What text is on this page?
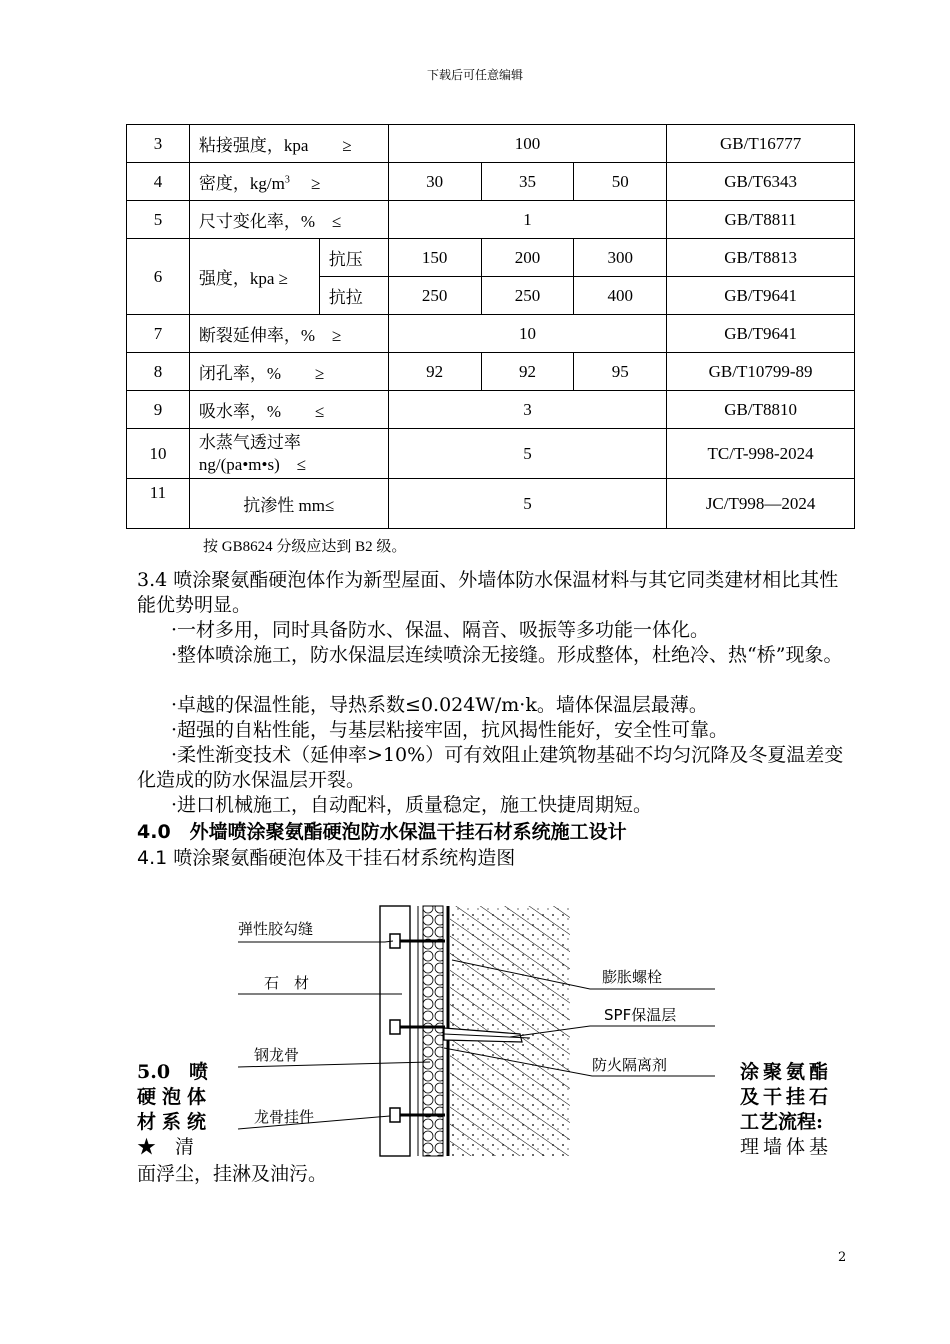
下载后可任意编辑
3	粘接强度，kpa　　≥		100			GB/T16777
4	密度，$kg/m^3$　 ≥		30	35	50	GB/T6343
5	尺寸变化率，%　≤		1			GB/T8811
6	强度，kpa ≥	抗压	150	200	300	GB/T8813
		抗拉	250	250	400	GB/T9641
7	断裂延伸率，%　≥		10			GB/T9641
8	闭孔率，%　　≥		92	92	95	GB/T10799-89
9	吸水率，%　　≤		3			GB/T8810
10	水蒸气透过率
ng/(pa•m•s)　≤		5			TC/T-998-2024
11	抗渗性 mm≤		5			JC/T998—2024
按 GB8624 分级应达到 B2 级。

3.4 喷涂聚氨酯硬泡体作为新型屋面、外墙体防水保温材料与其它同类建材相比其性能优势明显。

·一材多用，同时具备防水、保温、隔音、吸振等多功能一体化。

·整体喷涂施工，防水保温层连续喷涂无接缝。形成整体，杜绝冷、热“桥”现象。

·卓越的保温性能，导热系数≤0.024W/m·k。墙体保温层最薄。

·超强的自粘性能，与基层粘接牢固，抗风揭性能好，安全性可靠。

·柔性渐变技术（延伸率>10%）可有效阻止建筑物基础不均匀沉降及冬夏温差变化造成的防水保温层开裂。

·进口机械施工，自动配料，质量稳定，施工快捷周期短。

4.0　外墙喷涂聚氨酯硬泡防水保温干挂石材系统施工设计
4.1 喷涂聚氨酯硬泡体及干挂石材系统构造图
弹性胶勾缝
石　材
钢龙骨
龙骨挂件
膨胀螺栓
SPF保温层
防火隔离剂
5.0　喷
硬泡体
材系统
★　清
涂聚氨酯
及干挂石
工艺流程:
理墙体基
面浮尘，挂淋及油污。
2
